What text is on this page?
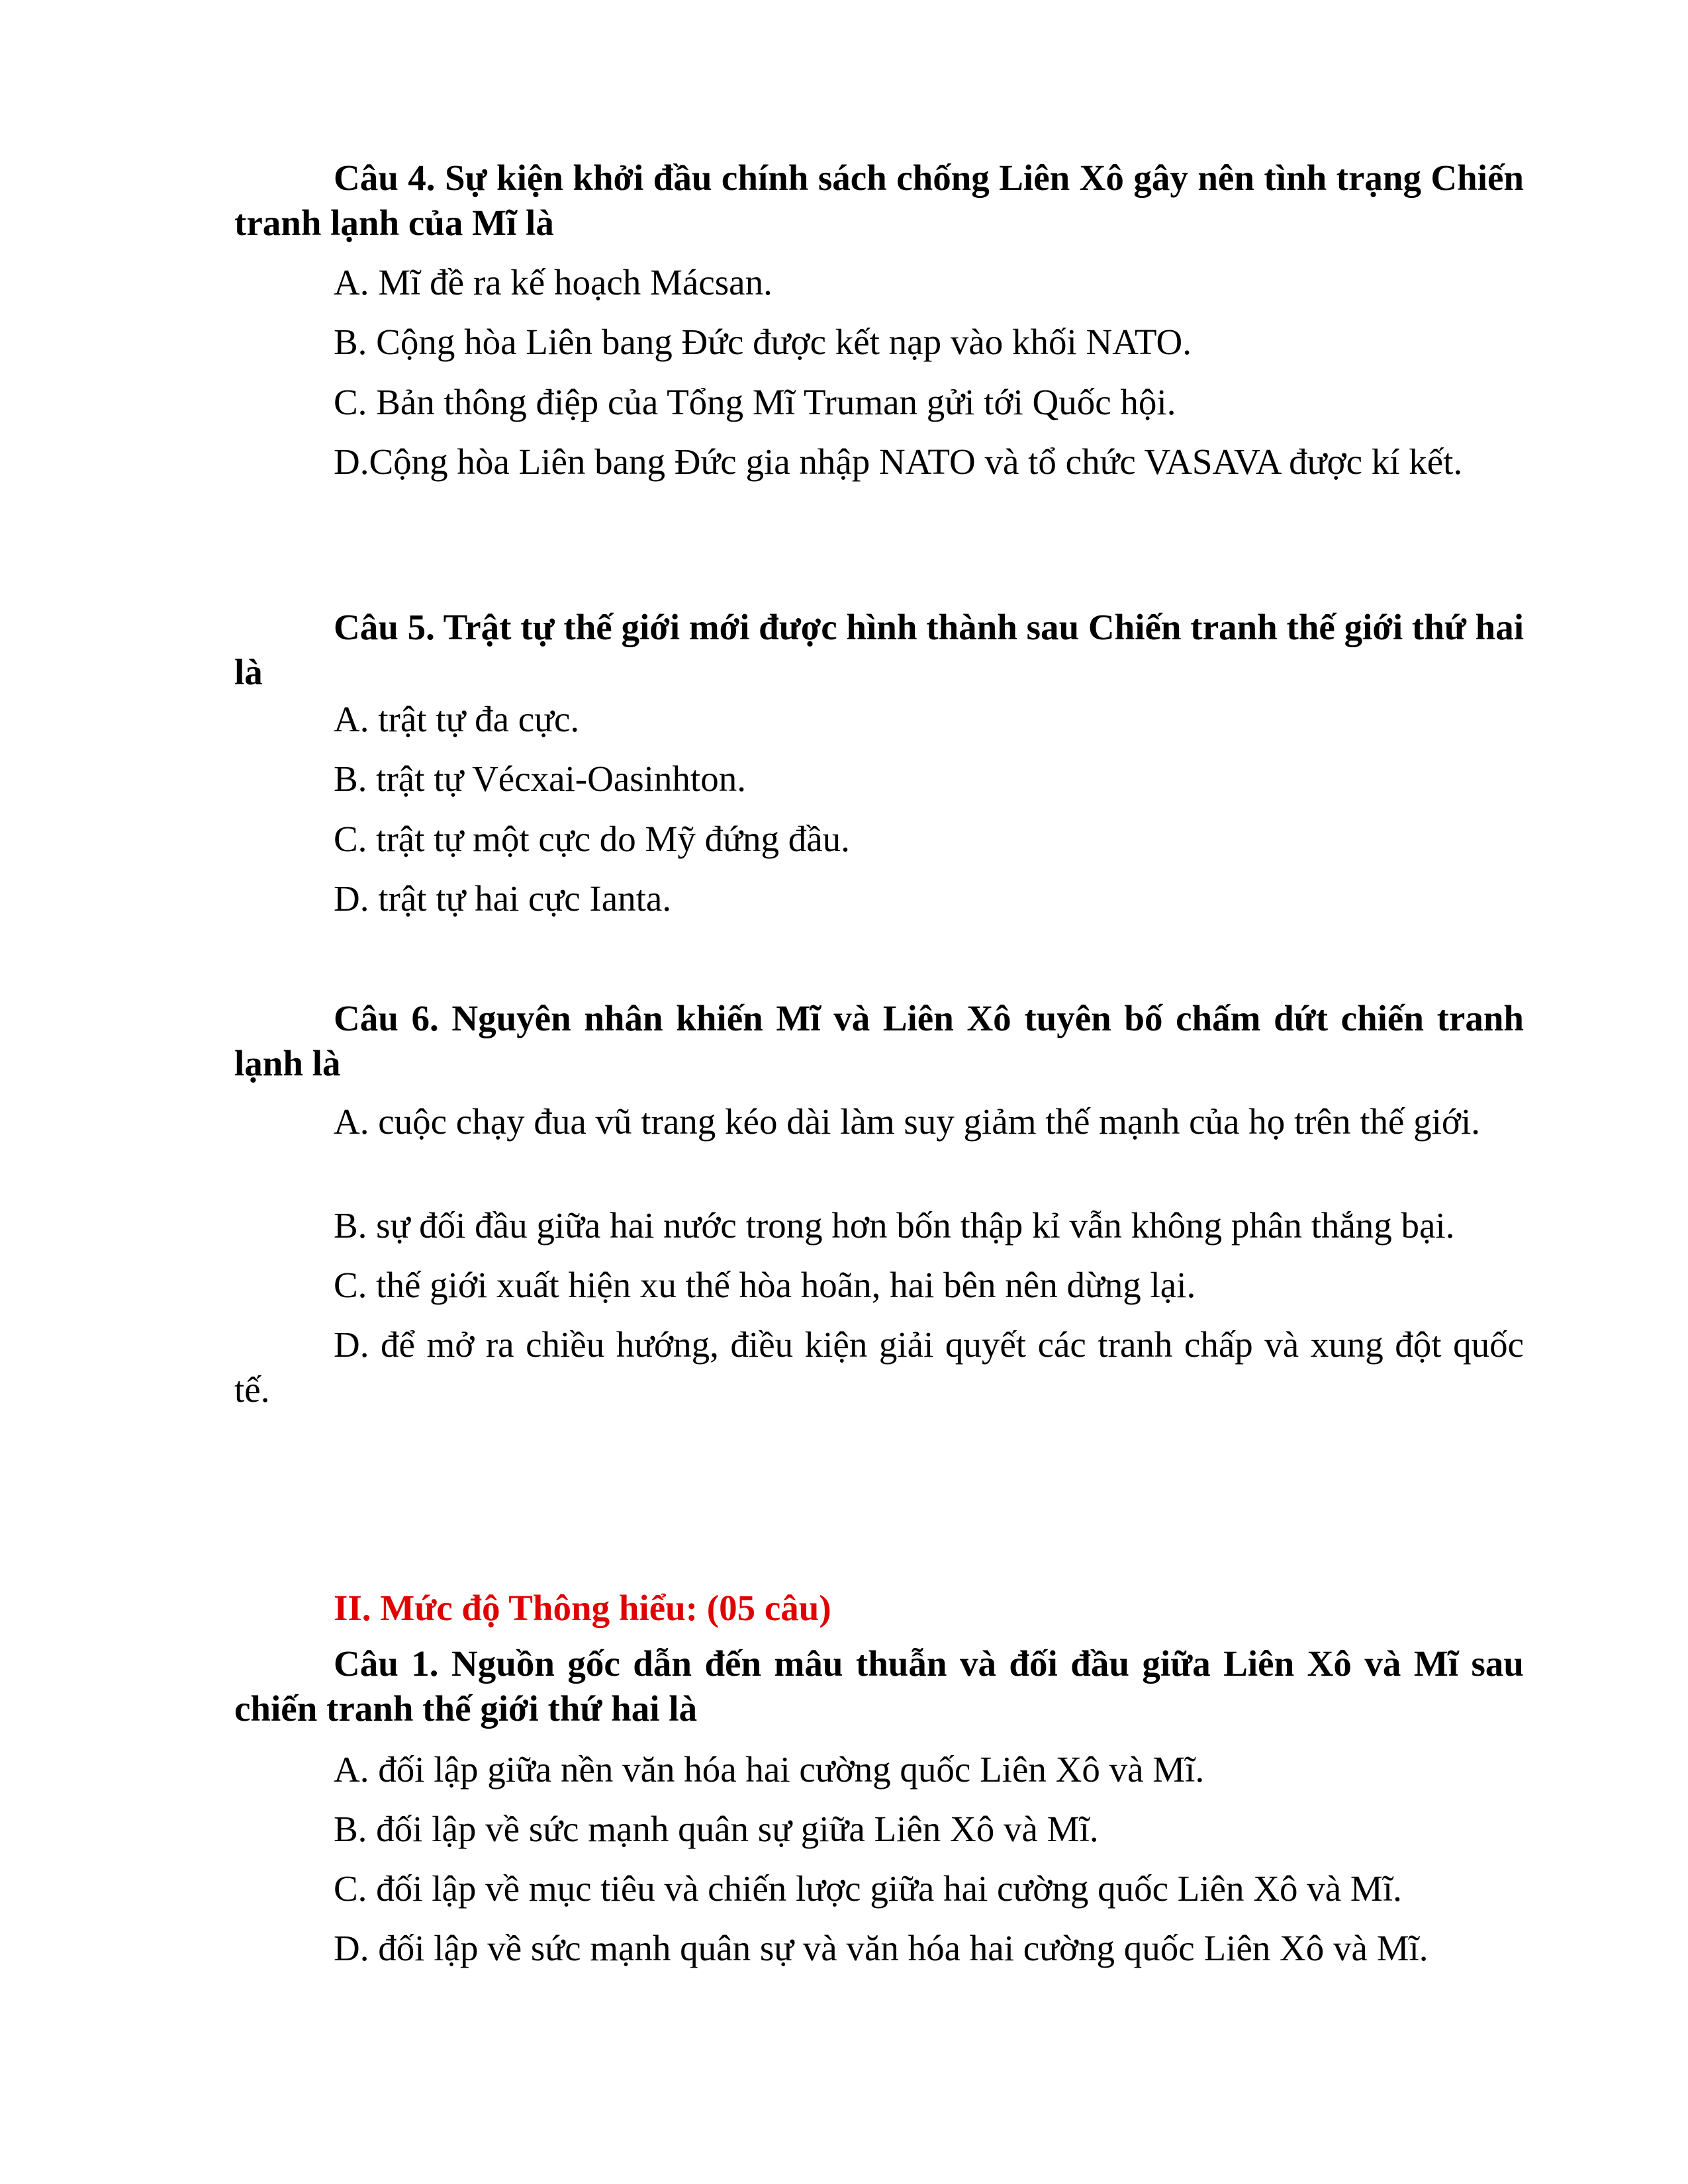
Câu 4. Sự kiện khởi đầu chính sách chống Liên Xô gây nên tình trạng Chiến tranh lạnh của Mĩ là

A. Mĩ đề ra kế hoạch Mácsan.

B. Cộng hòa Liên bang Đức được kết nạp vào khối NATO.

C. Bản thông điệp của Tổng Mĩ Truman gửi tới Quốc hội.

D.Cộng hòa Liên bang Đức gia nhập NATO và tổ chức VASAVA được kí kết.

Câu 5. Trật tự thế giới mới được hình thành sau Chiến tranh thế giới thứ hai là

A. trật tự đa cực.

B. trật tự Vécxai-Oasinhton.

C. trật tự một cực do Mỹ đứng đầu.

D. trật tự hai cực Ianta.

Câu 6. Nguyên nhân khiến Mĩ và Liên Xô tuyên bố chấm dứt chiến tranh lạnh là

A. cuộc chạy đua vũ trang kéo dài làm suy giảm thế mạnh của họ trên thế giới.

B. sự đối đầu giữa hai nước trong hơn bốn thập kỉ vẫn không phân thắng bại.

C. thế giới xuất hiện xu thế hòa hoãn, hai bên nên dừng lại.

D. để mở ra chiều hướng, điều kiện giải quyết các tranh chấp và xung đột quốc tế.

II. Mức độ Thông hiểu: (05 câu)

Câu 1. Nguồn gốc dẫn đến mâu thuẫn và đối đầu giữa Liên Xô và Mĩ sau chiến tranh thế giới thứ hai là

A. đối lập giữa nền văn hóa hai cường quốc Liên Xô và Mĩ.

B. đối lập về sức mạnh quân sự giữa Liên Xô và Mĩ.

C. đối lập về mục tiêu và chiến lược giữa hai cường quốc Liên Xô và Mĩ.

D. đối lập về sức mạnh quân sự và văn hóa hai cường quốc Liên Xô và Mĩ.
